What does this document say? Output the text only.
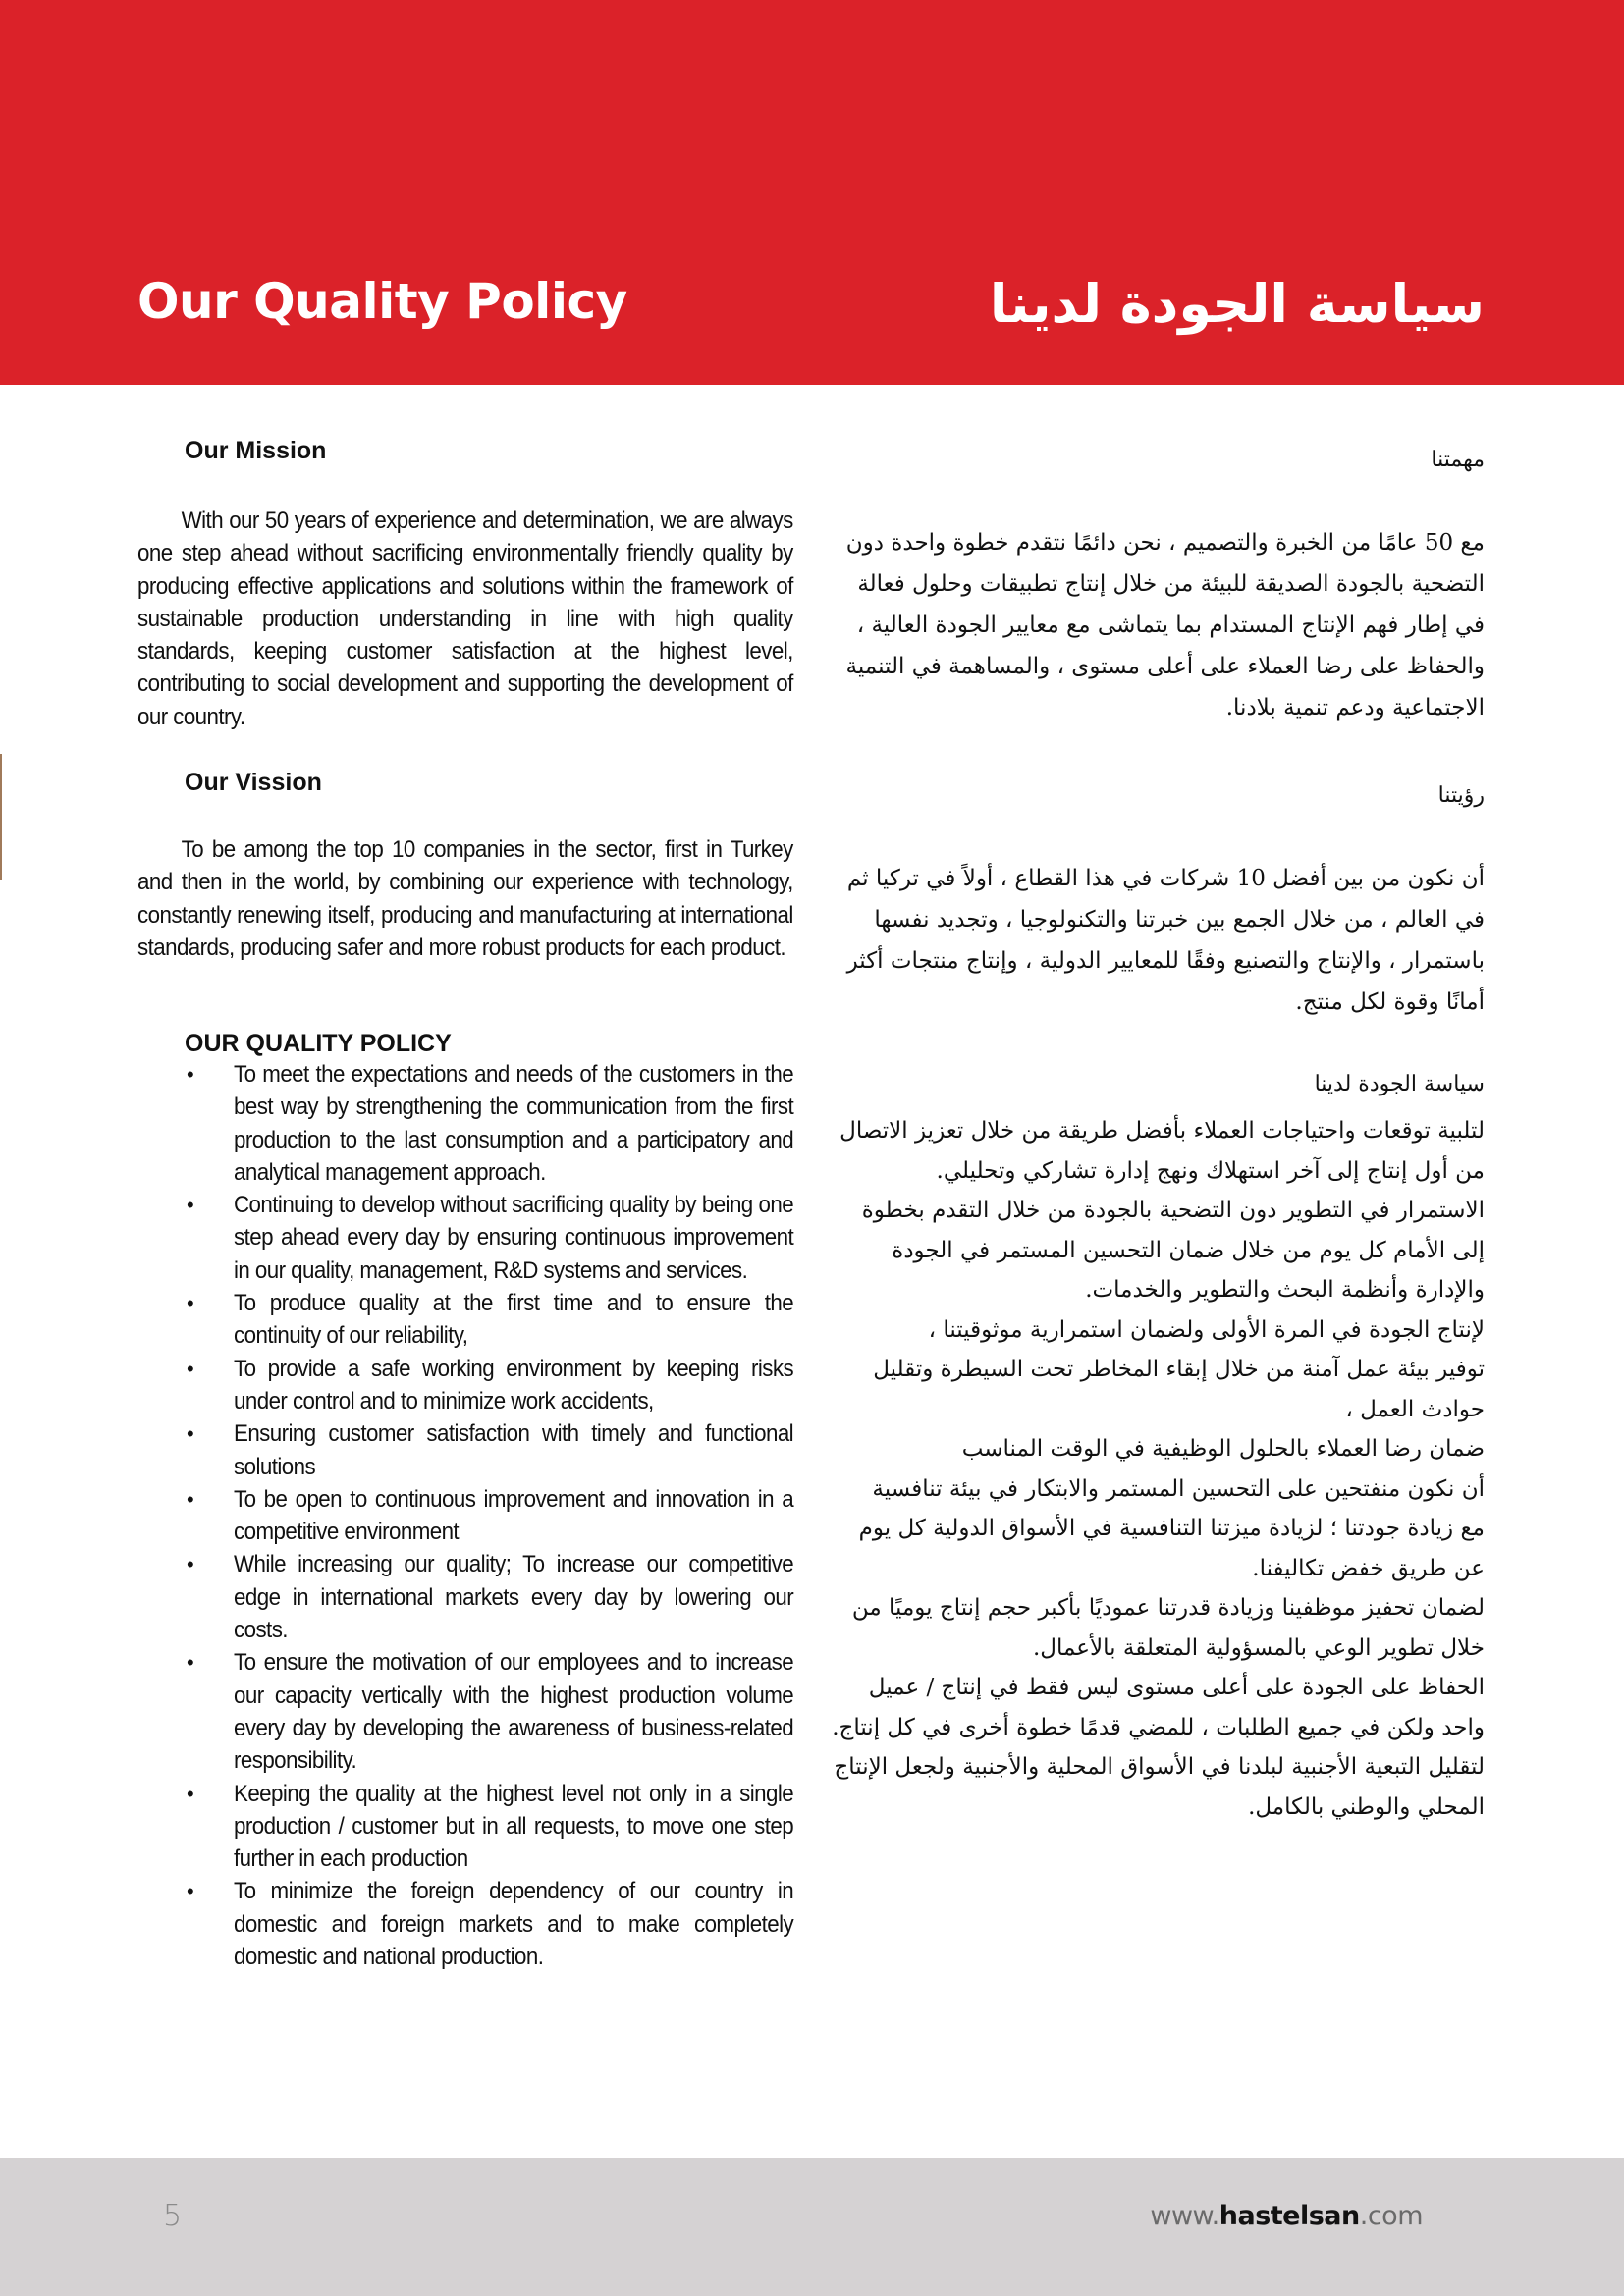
Our Quality Policy	سياسة الجودة لدينا
Our Mission

With our 50 years of experience and determination, we are always one step ahead without sacrificing environmentally friendly quality by producing effective applications and solutions within the framework of sustainable production understanding in line with high quality standards, keeping customer satisfaction at the highest level, contributing to social development and supporting the development of our country.

Our Vission

To be among the top 10 companies in the sector, first in Turkey and then in the world, by combining our experience with technology, constantly renewing itself, producing and manufacturing at international standards, producing safer and more robust products for each product.

OUR QUALITY POLICY
• To meet the expectations and needs of the customers in the best way by strengthening the communication from the first production to the last consumption and a participatory and analytical management approach.
• Continuing to develop without sacrificing quality by being one step ahead every day by ensuring continuous improvement in our quality, management, R&D systems and services.
• To produce quality at the first time and to ensure the continuity of our reliability,
• To provide a safe working environment by keeping risks under control and to minimize work accidents,
• Ensuring customer satisfaction with timely and functional solutions
• To be open to continuous improvement and innovation in a competitive environment
• While increasing our quality; To increase our competitive edge in international markets every day by lowering our costs.
• To ensure the motivation of our employees and to increase our capacity vertically with the highest production volume every day by developing the awareness of business-related responsibility.
• Keeping the quality at the highest level not only in a single production / customer but in all requests, to move one step further in each production
• To minimize the foreign dependency of our country in domestic and foreign markets and to make completely domestic and national production.
مهمتنا

مع 50 عامًا من الخبرة والتصميم ، نحن دائمًا نتقدم خطوة واحدة دون التضحية بالجودة الصديقة للبيئة من خلال إنتاج تطبيقات وحلول فعالة في إطار فهم الإنتاج المستدام بما يتماشى مع معايير الجودة العالية ، والحفاظ على رضا العملاء على أعلى مستوى ، والمساهمة في التنمية الاجتماعية ودعم تنمية بلادنا.

رؤيتنا

أن نكون من بين أفضل 10 شركات في هذا القطاع ، أولاً في تركيا ثم في العالم ، من خلال الجمع بين خبرتنا والتكنولوجيا ، وتجديد نفسها باستمرار ، والإنتاج والتصنيع وفقًا للمعايير الدولية ، وإنتاج منتجات أكثر أمانًا وقوة لكل منتج.

سياسة الجودة لدينا
لتلبية توقعات واحتياجات العملاء بأفضل طريقة من خلال تعزيز الاتصال من أول إنتاج إلى آخر استهلاك ونهج إدارة تشاركي وتحليلي.
الاستمرار في التطوير دون التضحية بالجودة من خلال التقدم بخطوة إلى الأمام كل يوم من خلال ضمان التحسين المستمر في الجودة والإدارة وأنظمة البحث والتطوير والخدمات.
لإنتاج الجودة في المرة الأولى ولضمان استمرارية موثوقيتنا ،
توفير بيئة عمل آمنة من خلال إبقاء المخاطر تحت السيطرة وتقليل حوادث العمل ،
ضمان رضا العملاء بالحلول الوظيفية في الوقت المناسب
أن نكون منفتحين على التحسين المستمر والابتكار في بيئة تنافسية
مع زيادة جودتنا ؛ لزيادة ميزتنا التنافسية في الأسواق الدولية كل يوم عن طريق خفض تكاليفنا.
لضمان تحفيز موظفينا وزيادة قدرتنا عموديًا بأكبر حجم إنتاج يوميًا من خلال تطوير الوعي بالمسؤولية المتعلقة بالأعمال.
الحفاظ على الجودة على أعلى مستوى ليس فقط في إنتاج / عميل واحد ولكن في جميع الطلبات ، للمضي قدمًا خطوة أخرى في كل إنتاج.
لتقليل التبعية الأجنبية لبلدنا في الأسواق المحلية والأجنبية ولجعل الإنتاج المحلي والوطني بالكامل.
5	www.hastelsan.com
